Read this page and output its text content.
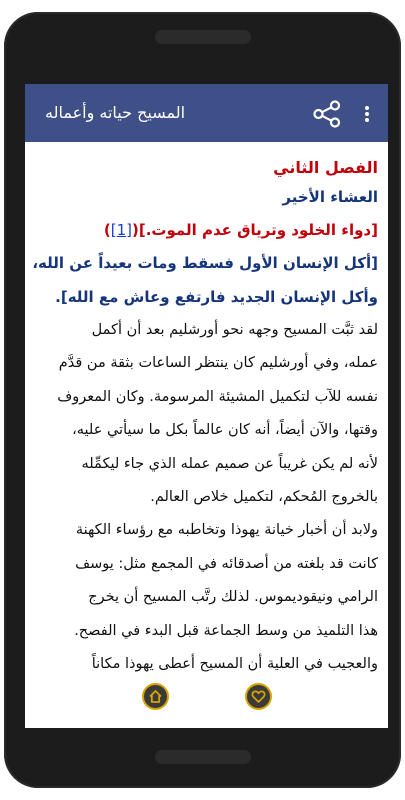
المسيح حياته وأعماله
الفصل الثاني
العشاء الأخير
[دواء الخلود وترياق عدم الموت.]([1])
[أكل الإنسان الأول فسقط ومات بعيداً عن الله،
وأكل الإنسان الجديد فارتفع وعاش مع الله].
لقد ثبَّت المسيح وجهه نحو أورشليم بعد أن أكمل
عمله، وفي أورشليم كان ينتظر الساعات بثقة من قدَّم
نفسه للآب لتكميل المشيئة المرسومة. وكان المعروف
وقتها، والآن أيضاً، أنه كان عالماً بكل ما سيأتي عليه،
لأنه لم يكن غريباً عن صميم عمله الذي جاء ليكمِّله
بالخروج المُحكم، لتكميل خلاص العالم.
ولابد أن أخبار خيانة يهوذا وتخاطبه مع رؤساء الكهنة
كانت قد بلغته من أصدقائه في المجمع مثل: يوسف
الرامي ونيقوديموس. لذلك رتَّب المسيح أن يخرج
هذا التلميذ من وسط الجماعة قبل البدء في الفصح.
والعجيب في العلية أن المسيح أعطى يهوذا مكاناً
